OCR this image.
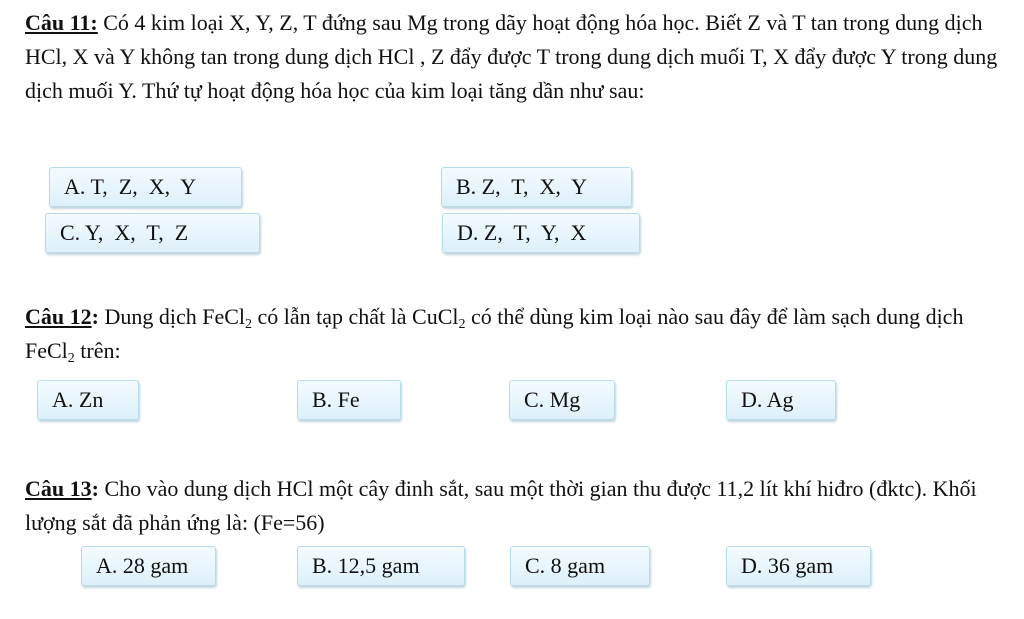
Câu 11: Có 4 kim loại X, Y, Z, T đứng sau Mg trong dãy hoạt động hóa học. Biết Z và T tan trong dung dịch HCl, X và Y không tan trong dung dịch HCl , Z đẩy được T trong dung dịch muối T, X đẩy được Y trong dung dịch muối Y. Thứ tự hoạt động hóa học của kim loại tăng dần như sau:

A. T,  Z,  X,  Y	B. Z,  T,  X,  Y
C. Y,  X,  T,  Z	D. Z,  T,  Y,  X

Câu 12: Dung dịch FeCl$_2$ có lẫn tạp chất là CuCl$_2$ có thể dùng kim loại nào sau đây để làm sạch dung dịch FeCl$_2$ trên:

A. Zn	B. Fe	C. Mg	D. Ag

Câu 13: Cho vào dung dịch HCl một cây đinh sắt, sau một thời gian thu được 11,2 lít khí hiđro (đktc). Khối lượng sắt đã phản ứng là: (Fe=56)

A. 28 gam	B. 12,5 gam	C. 8 gam	D. 36 gam
